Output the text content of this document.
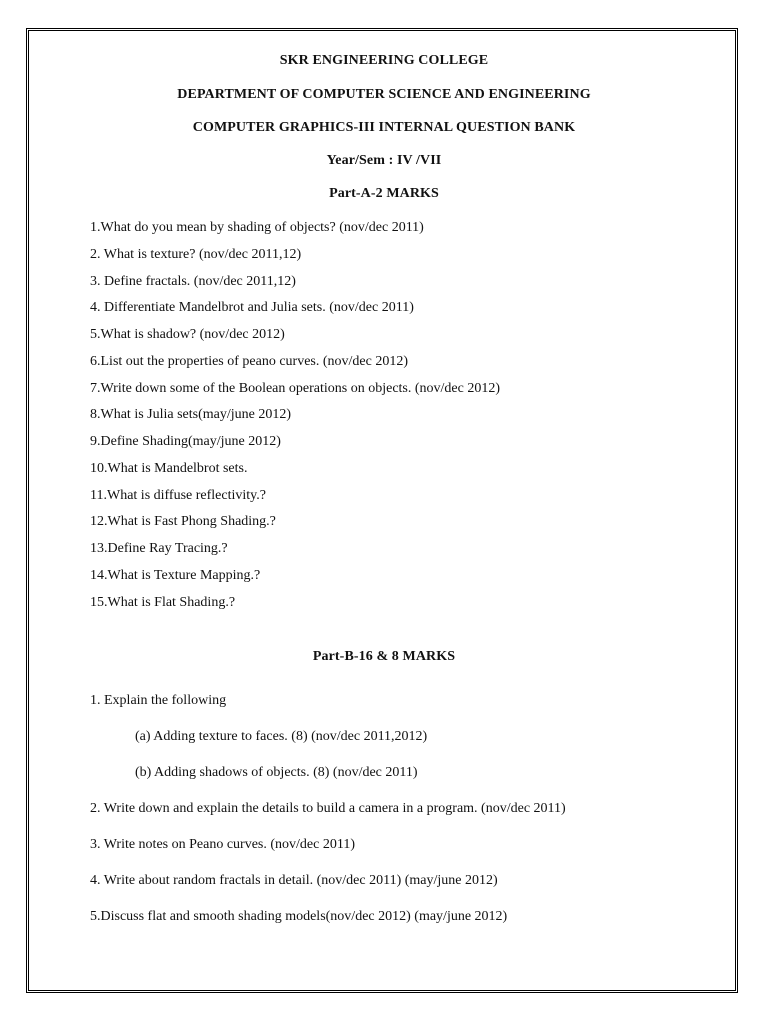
SKR ENGINEERING COLLEGE
DEPARTMENT OF COMPUTER SCIENCE AND ENGINEERING
COMPUTER GRAPHICS-III INTERNAL QUESTION BANK
Year/Sem : IV /VII
Part-A-2 MARKS
1.What do you mean by shading of objects? (nov/dec 2011)
2. What is texture? (nov/dec 2011,12)
3. Define fractals. (nov/dec 2011,12)
4. Differentiate Mandelbrot and Julia sets. (nov/dec 2011)
5.What is shadow? (nov/dec 2012)
6.List out the properties of peano curves. (nov/dec 2012)
7.Write down some of the Boolean operations on objects. (nov/dec 2012)
8.What is Julia sets(may/june 2012)
9.Define Shading(may/june 2012)
10.What is Mandelbrot sets.
11.What is diffuse reflectivity.?
12.What is Fast Phong Shading.?
13.Define Ray Tracing.?
14.What is Texture Mapping.?
15.What is Flat Shading.?
Part-B-16 & 8 MARKS
1. Explain the following
(a) Adding texture to faces. (8) (nov/dec 2011,2012)
(b) Adding shadows of objects. (8) (nov/dec 2011)
2. Write down and explain the details to build a camera in a program. (nov/dec 2011)
3. Write notes on Peano curves. (nov/dec 2011)
4. Write about random fractals in detail. (nov/dec 2011) (may/june 2012)
5.Discuss flat and smooth shading models(nov/dec 2012) (may/june 2012)
